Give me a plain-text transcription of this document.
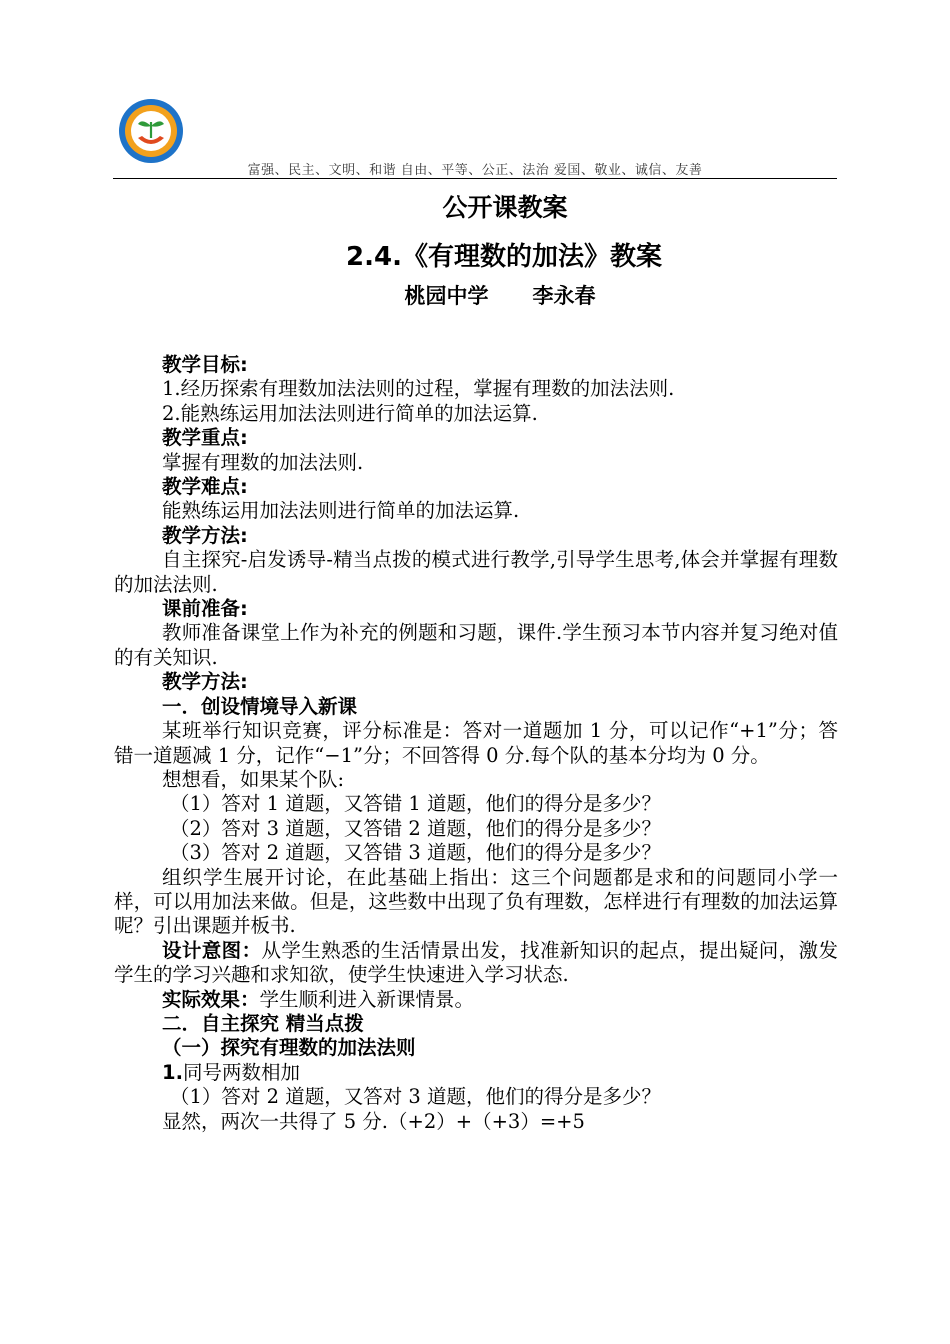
富强、民主、文明、和谐 自由、平等、公正、法治 爱国、敬业、诚信、友善
公开课教案
2.4.《有理数的加法》教案
桃园中学 李永春

教学目标:

1.经历探索有理数加法法则的过程，掌握有理数的加法法则.

2.能熟练运用加法法则进行简单的加法运算.

教学重点:

掌握有理数的加法法则.

教学难点:

能熟练运用加法法则进行简单的加法运算.

教学方法:

自主探究-启发诱导-精当点拨的模式进行教学,引导学生思考,体会并掌握有理数的加法法则.

课前准备:

教师准备课堂上作为补充的例题和习题，课件.学生预习本节内容并复习绝对值的有关知识.

教学方法:

一．创设情境导入新课

某班举行知识竞赛，评分标准是：答对一道题加 1 分，可以记作“+1”分；答错一道题减 1 分，记作“−1”分；不回答得 0 分.每个队的基本分均为 0 分。

想想看，如果某个队:

（1）答对 1 道题，又答错 1 道题，他们的得分是多少？

（2）答对 3 道题，又答错 2 道题，他们的得分是多少？

（3）答对 2 道题，又答错 3 道题，他们的得分是多少？

组织学生展开讨论，在此基础上指出：这三个问题都是求和的问题同小学一样，可以用加法来做。但是，这些数中出现了负有理数，怎样进行有理数的加法运算呢？引出课题并板书.

设计意图：从学生熟悉的生活情景出发，找准新知识的起点，提出疑问，激发学生的学习兴趣和求知欲，使学生快速进入学习状态.

实际效果：学生顺利进入新课情景。

二．自主探究 精当点拨

（一）探究有理数的加法法则

1.同号两数相加

（1）答对 2 道题，又答对 3 道题，他们的得分是多少？

显然，两次一共得了 5 分.（+2）+（+3）=+5
